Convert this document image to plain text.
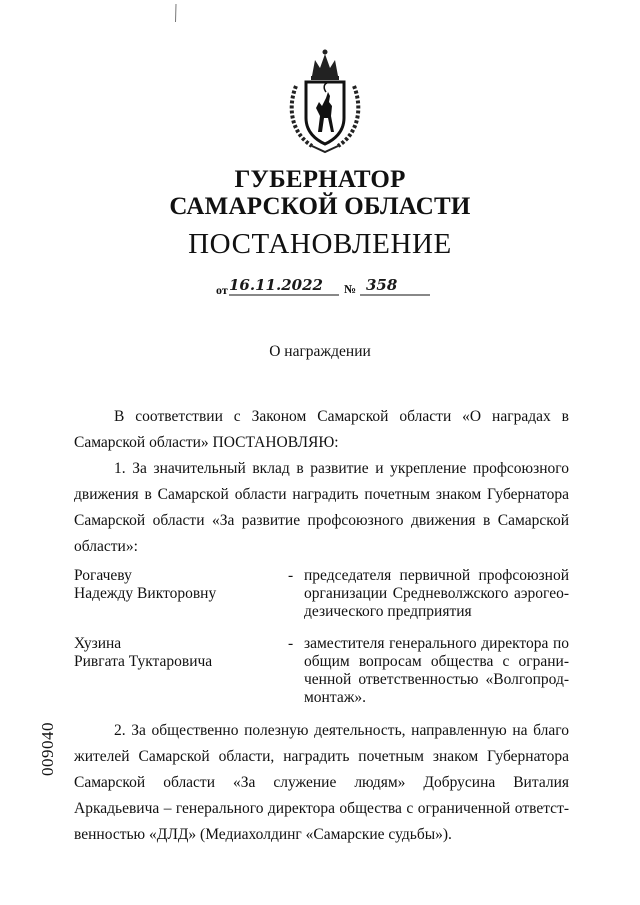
ГУБЕРНАТОР
САМАРСКОЙ ОБЛАСТИ
ПОСТАНОВЛЕНИЕ
от 16.11.2022 № 358
О награждении
В соответствии с Законом Самарской области «О наградах в Самарской области» ПОСТАНОВЛЯЮ:
1. За значительный вклад в развитие и укрепление профсоюзного движения в Самарской области наградить почетным знаком Губернатора Самарской области «За развитие профсоюзного движения в Самарской области»:
Рогачеву
Надежду Викторовну
- председателя первичной профсоюзной организации Средневолжского аэрогео-дезического предприятия
Хузина
Ривгата Туктаровича
- заместителя генерального директора по общим вопросам общества с ограни-ченной ответственностью «Волгопрод-монтаж».
2. За общественно полезную деятельность, направленную на благо жителей Самарской области, наградить почетным знаком Губернатора Самарской области «За служение людям» Добрусина Виталия Аркадьевича – генерального директора общества с ограниченной ответст-венностью «ДЛД» (Медиахолдинг «Самарские судьбы»).
009040
